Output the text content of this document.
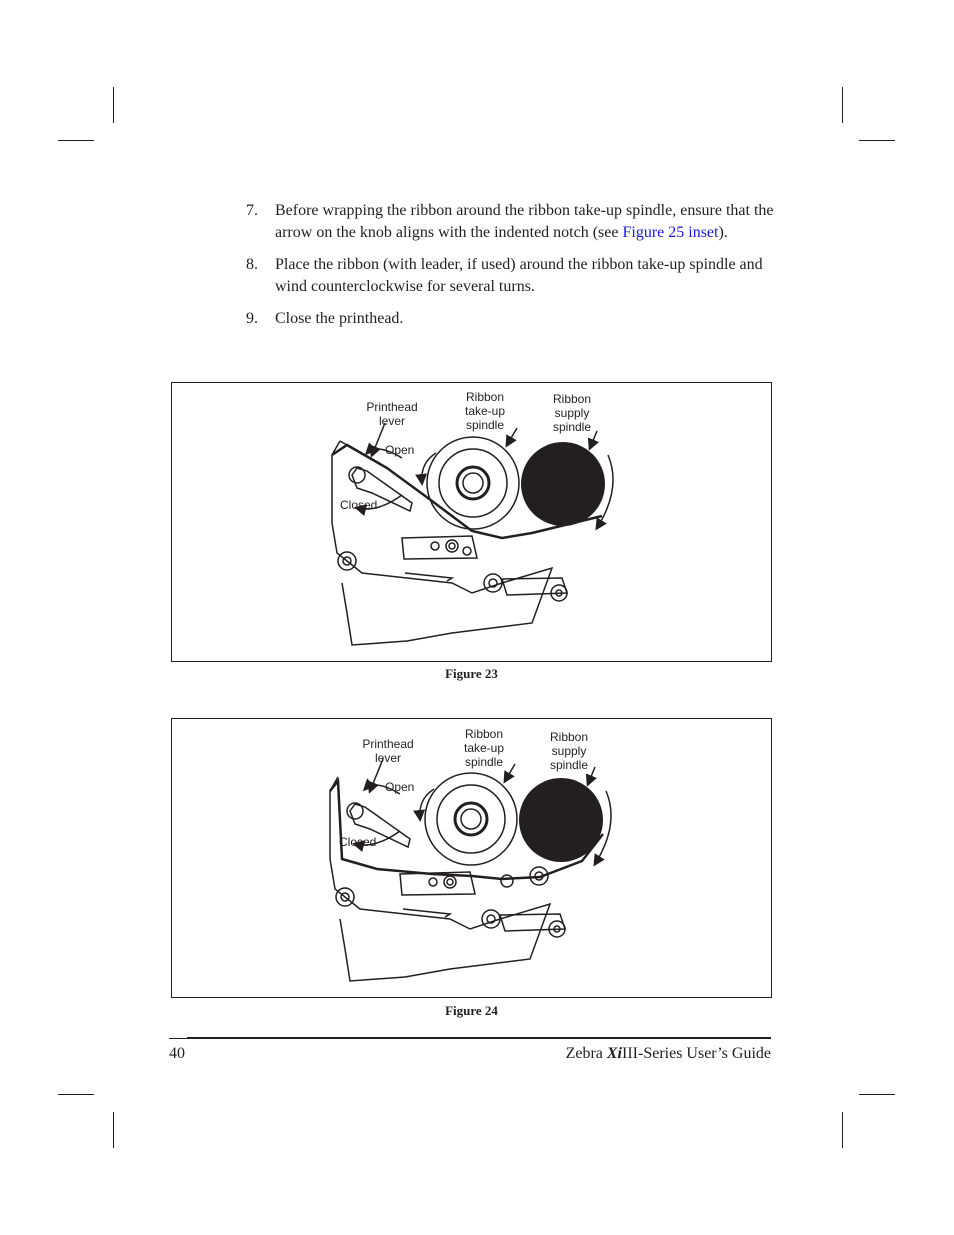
7.	Before wrapping the ribbon around the ribbon take-up spindle, ensure that the arrow on the knob aligns with the indented notch (see Figure 25 inset).
8.	Place the ribbon (with leader, if used) around the ribbon take-up spindle and wind counterclockwise for several turns.
9.	Close the printhead.
Printhead
lever
Ribbon
take-up
spindle
Ribbon
supply
spindle
Open
Closed
Figure 23
Printhead
lever
Ribbon
take-up
spindle
Ribbon
supply
spindle
Open
Closed
Figure 24
40	Zebra XiIII-Series User’s Guide
